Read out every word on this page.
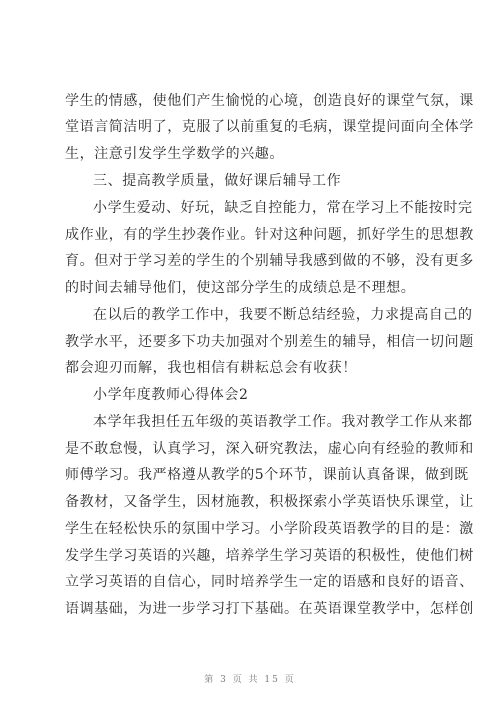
学生的情感，使他们产生愉悦的心境，创造良好的课堂气氛，课
堂语言简洁明了，克服了以前重复的毛病，课堂提问面向全体学
生，注意引发学生学数学的兴趣。
三、提高教学质量，做好课后辅导工作
小学生爱动、好玩，缺乏自控能力，常在学习上不能按时完
成作业，有的学生抄袭作业。针对这种问题，抓好学生的思想教
育。但对于学习差的学生的个别辅导我感到做的不够，没有更多
的时间去辅导他们，使这部分学生的成绩总是不理想。
在以后的教学工作中，我要不断总结经验，力求提高自己的
教学水平，还要多下功夫加强对个别差生的辅导，相信一切问题
都会迎刃而解，我也相信有耕耘总会有收获！
小学年度教师心得体会2
本学年我担任五年级的英语教学工作。我对教学工作从来都
是不敢怠慢，认真学习，深入研究教法，虚心向有经验的教师和
师傅学习。我严格遵从教学的5个环节，课前认真备课，做到既
备教材，又备学生，因材施教，积极探索小学英语快乐课堂，让
学生在轻松快乐的氛围中学习。小学阶段英语教学的目的是：激
发学生学习英语的兴趣，培养学生学习英语的积极性，使他们树
立学习英语的自信心，同时培养学生一定的语感和良好的语音、
语调基础，为进一步学习打下基础。在英语课堂教学中，怎样创
第 3 页 共 15 页
